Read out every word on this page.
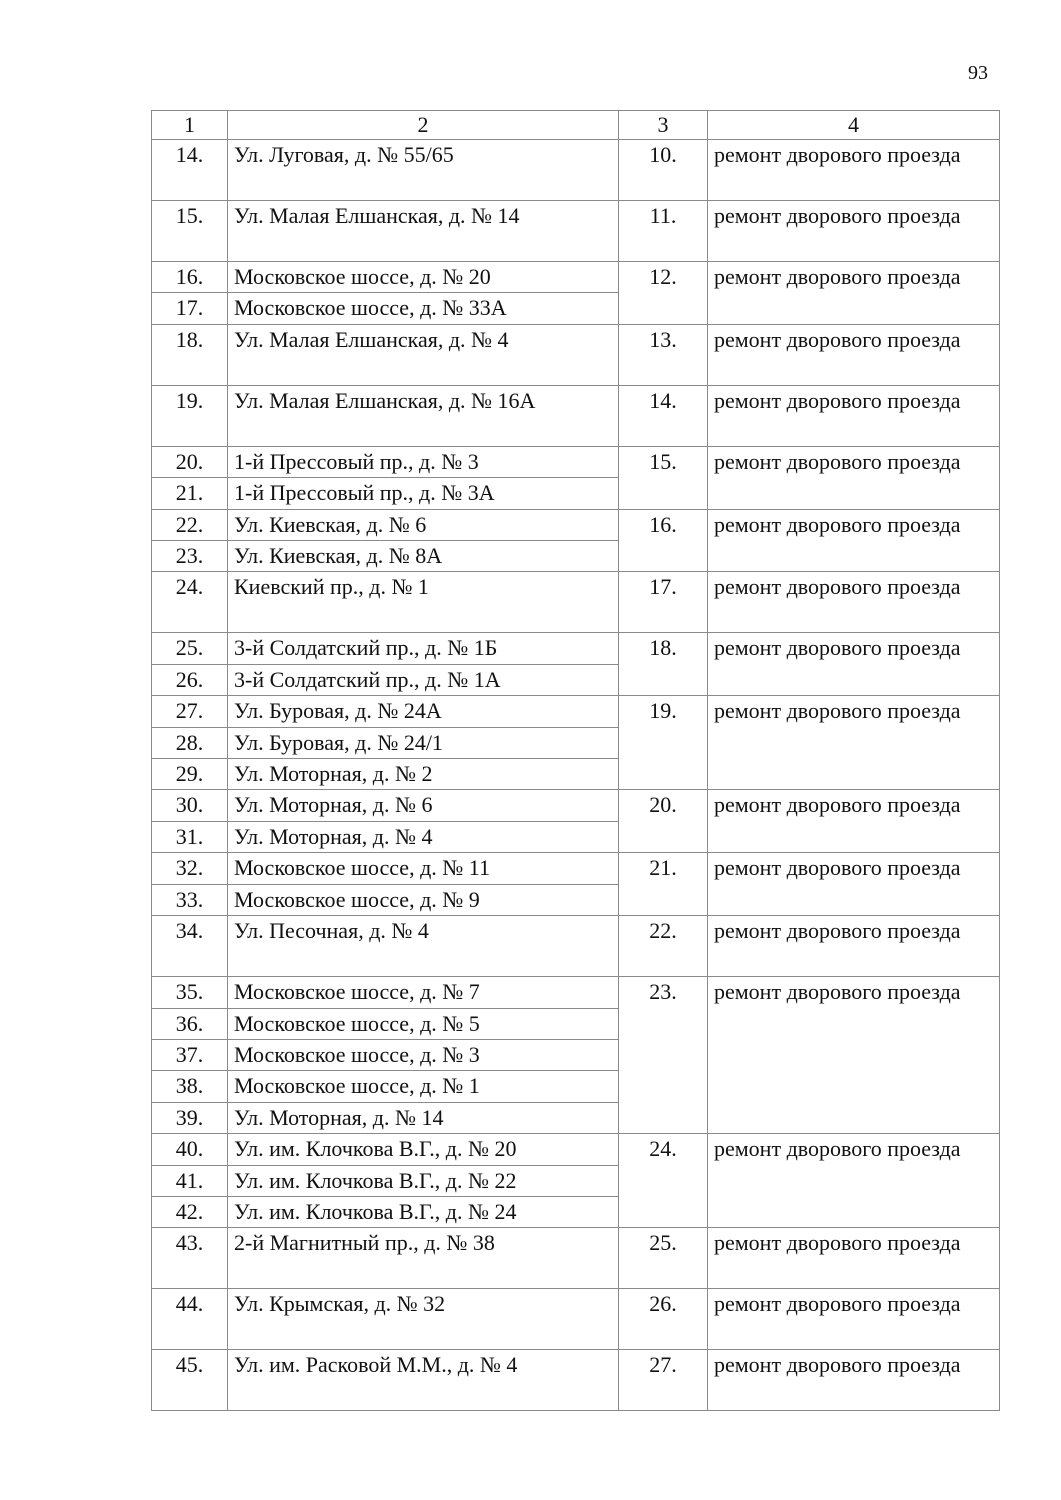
93
1	2	3	4
14.	Ул. Луговая, д. № 55/65	10.	ремонт дворового проезда
15.	Ул. Малая Елшанская, д. № 14	11.	ремонт дворового проезда
16.	Московское шоссе, д. № 20	12.	ремонт дворового проезда
17.	Московское шоссе, д. № 33А		
18.	Ул. Малая Елшанская, д. № 4	13.	ремонт дворового проезда
19.	Ул. Малая Елшанская, д. № 16А	14.	ремонт дворового проезда
20.	1-й Прессовый пр., д. № 3	15.	ремонт дворового проезда
21.	1-й Прессовый пр., д. № 3А		
22.	Ул. Киевская, д. № 6	16.	ремонт дворового проезда
23.	Ул. Киевская, д. № 8А		
24.	Киевский пр., д. № 1	17.	ремонт дворового проезда
25.	3-й Солдатский пр., д. № 1Б	18.	ремонт дворового проезда
26.	3-й Солдатский пр., д. № 1А		
27.	Ул. Буровая, д. № 24А	19.	ремонт дворового проезда
28.	Ул. Буровая, д. № 24/1		
29.	Ул. Моторная, д. № 2		
30.	Ул. Моторная, д. № 6	20.	ремонт дворового проезда
31.	Ул. Моторная, д. № 4		
32.	Московское шоссе, д. № 11	21.	ремонт дворового проезда
33.	Московское шоссе, д. № 9		
34.	Ул. Песочная, д. № 4	22.	ремонт дворового проезда
35.	Московское шоссе, д. № 7	23.	ремонт дворового проезда
36.	Московское шоссе, д. № 5		
37.	Московское шоссе, д. № 3		
38.	Московское шоссе, д. № 1		
39.	Ул. Моторная, д. № 14		
40.	Ул. им. Клочкова В.Г., д. № 20	24.	ремонт дворового проезда
41.	Ул. им. Клочкова В.Г., д. № 22		
42.	Ул. им. Клочкова В.Г., д. № 24		
43.	2-й Магнитный пр., д. № 38	25.	ремонт дворового проезда
44.	Ул. Крымская, д. № 32	26.	ремонт дворового проезда
45.	Ул. им. Расковой М.М., д. № 4	27.	ремонт дворового проезда
